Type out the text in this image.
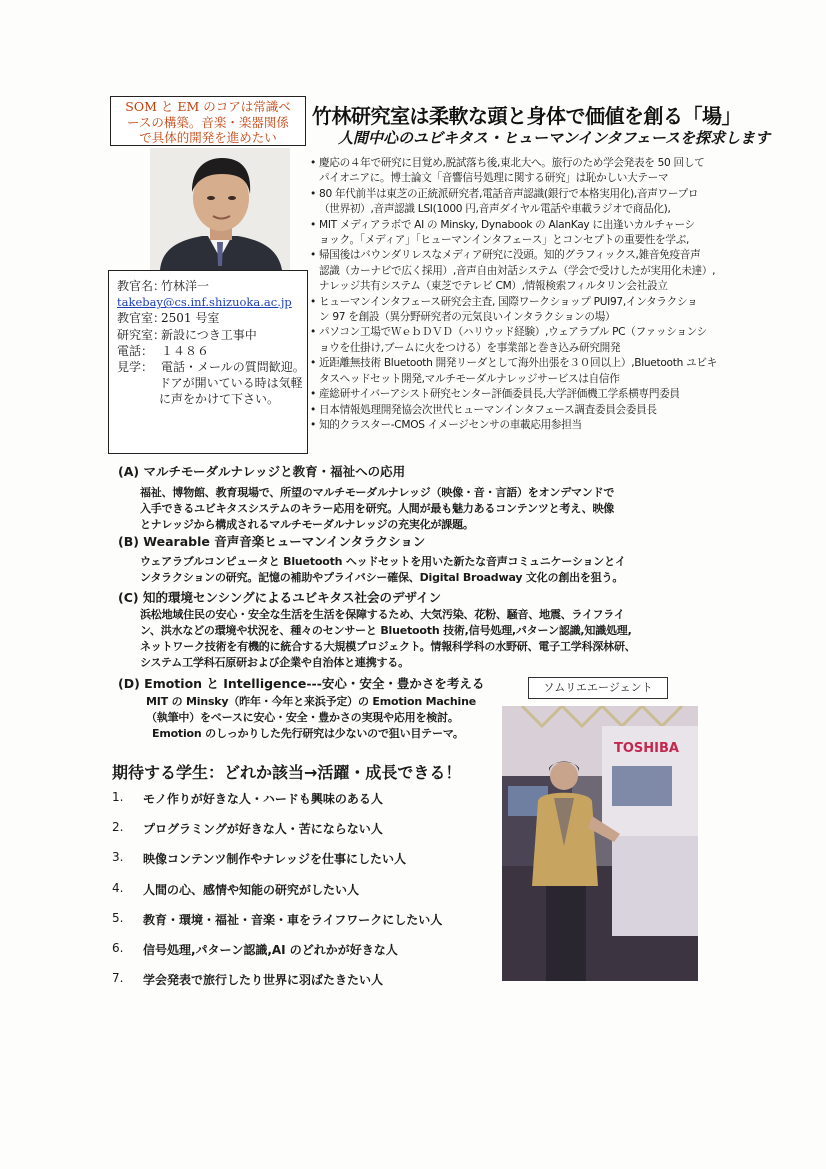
SOM と EM のコアは常識ベ
ースの構築。音楽・楽器関係
で具体的開発を進めたい
竹林研究室は柔軟な頭と身体で価値を創る「場」
人間中心のユビキタス・ヒューマンインタフェースを探求します
教官名：
竹林洋一
takebay@cs.inf.shizuoka.ac.jp
教官室：
2501 号室
研究室：
新設につき工事中
電話： １４８６
見学： 電話・メールの質問歓迎。
ドアが開いている時は気軽に声をかけて下さい。
• 慶応の４年で研究に目覚め,脱試落ち後,東北大へ。旅行のため学会発表を 50 回して
パイオニアに。博士論文「音響信号処理に関する研究」は恥かしい大テーマ
• 80 年代前半は東芝の正統派研究者,電話音声認識(銀行で本格実用化),音声ワープロ
（世界初）,音声認識 LSI(1000 円,音声ダイヤル電話や車載ラジオで商品化),
• MIT メディアラボで AI の Minsky, Dynabook の AlanKay に出逢いカルチャーシ
ョック。「メディア」「ヒューマンインタフェース」とコンセプトの重要性を学ぶ,
• 帰国後はバウンダリレスなメディア研究に没頭。知的グラフィックス,雑音免疫音声
認識（カーナビで広く採用）,音声自由対話システム（学会で受けしたが実用化未達）,
ナレッジ共有システム（東芝でテレビ CM）,情報検索フィルタリン会社設立
• ヒューマンインタフェース研究会主査, 国際ワークショップ PUI97,インタラクショ
ン 97 を創設（異分野研究者の元気良いインタラクションの場）
• パソコン工場でＷｅｂＤＶＤ（ハリウッド経験）,ウェアラブル PC（ファッションシ
ョウを仕掛け,ブームに火をつける）を事業部と巻き込み研究開発
• 近距離無技術 Bluetooth 開発リーダとして海外出張を３０回以上）,Bluetooth ユビキ
タスヘッドセット開発,マルチモーダルナレッジサービスは自信作
• 産総研サイバーアシスト研究センター評価委員長,大学評価機工学系横専門委員
• 日本情報処理開発協会次世代ヒューマンインタフェース調査委員会委員長
• 知的クラスター-CMOS イメージセンサの車載応用参担当
(A) マルチモーダルナレッジと教育・福祉への応用
福祉、博物館、教育現場で、所望のマルチモーダルナレッジ（映像・音・言語）をオンデマンドで
入手できるユビキタスシステムのキラー応用を研究。人間が最も魅力あるコンテンツと考え、映像
とナレッジから構成されるマルチモーダルナレッジの充実化が課題。
(B) Wearable 音声音楽ヒューマンインタラクション
ウェアラブルコンピュータと Bluetooth ヘッドセットを用いた新たな音声コミュニケーションとイ
ンタラクションの研究。記憶の補助やプライバシー確保、Digital Broadway 文化の創出を狙う。
(C) 知的環境センシングによるユビキタス社会のデザイン
浜松地域住民の安心・安全な生活を生活を保障するため、大気汚染、花粉、騒音、地震、ライフライ
ン、洪水などの環境や状況を、種々のセンサーと Bluetooth 技術,信号処理,パターン認識,知識処理,
ネットワーク技術を有機的に統合する大規模プロジェクト。情報科学科の水野研、電子工学科深林研、
システム工学科石原研および企業や自治体と連携する。
(D) Emotion と Intelligence---安心・安全・豊かさを考える
MIT の Minsky（昨年・今年と来浜予定）の Emotion Machine
（執筆中）をベースに安心・安全・豊かさの実現や応用を検討。
Emotion のしっかりした先行研究は少ないので狙い目テーマ。
期待する学生：どれか該当→活躍・成長できる！
1.	モノ作りが好きな人・ハードも興味のある人
2.	プログラミングが好きな人・苦にならない人
3.	映像コンテンツ制作やナレッジを仕事にしたい人
4.	人間の心、感情や知能の研究がしたい人
5.	教育・環境・福祉・音楽・車をライフワークにしたい人
6.	信号処理,パターン認識,AI のどれかが好きな人
7.	学会発表で旅行したり世界に羽ばたきたい人
ソムリエエージェント
TOSHIBA
